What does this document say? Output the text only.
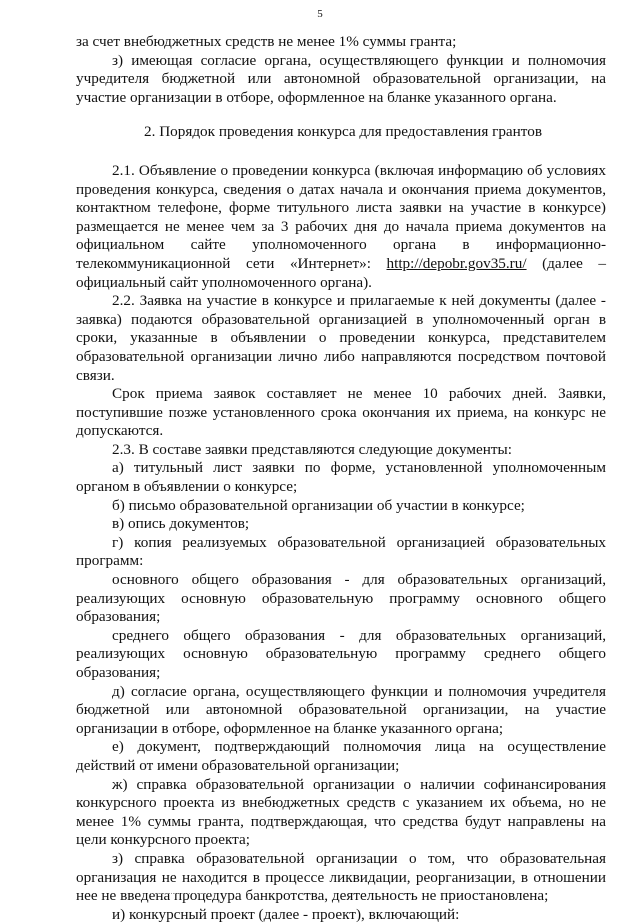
5

за счет внебюджетных средств не менее 1% суммы гранта;

з) имеющая согласие органа, осуществляющего функции и полномочия учредителя бюджетной или автономной образовательной организации, на участие организации в отборе, оформленное на бланке указанного органа.

2. Порядок проведения конкурса для предоставления грантов

2.1. Объявление о проведении конкурса (включая информацию об условиях проведения конкурса, сведения о датах начала и окончания приема документов, контактном телефоне, форме титульного листа заявки на участие в конкурсе) размещается не менее чем за 3 рабочих дня до начала приема документов на официальном сайте уполномоченного органа в информационно-телекоммуникационной сети «Интернет»: http://depobr.gov35.ru/ (далее – официальный сайт уполномоченного органа).

2.2. Заявка на участие в конкурсе и прилагаемые к ней документы (далее - заявка) подаются образовательной организацией в уполномоченный орган в сроки, указанные в объявлении о проведении конкурса, представителем образовательной организации лично либо направляются посредством почтовой связи.

Срок приема заявок составляет не менее 10 рабочих дней. Заявки, поступившие позже установленного срока окончания их приема, на конкурс не допускаются.

2.3. В составе заявки представляются следующие документы:

а) титульный лист заявки по форме, установленной уполномоченным органом в объявлении о конкурсе;

б) письмо образовательной организации об участии в конкурсе;

в) опись документов;

г) копия реализуемых образовательной организацией образовательных программ:

основного общего образования - для образовательных организаций, реализующих основную образовательную программу основного общего образования;

среднего общего образования - для образовательных организаций, реализующих основную образовательную программу среднего общего образования;

д) согласие органа, осуществляющего функции и полномочия учредителя бюджетной или автономной образовательной организации, на участие организации в отборе, оформленное на бланке указанного органа;

е) документ, подтверждающий полномочия лица на осуществление действий от имени образовательной организации;

ж) справка образовательной организации о наличии софинансирования конкурсного проекта из внебюджетных средств с указанием их объема, но не менее 1% суммы гранта, подтверждающая, что средства будут направлены на цели конкурсного проекта;

з) справка образовательной организации о том, что образовательная организация не находится в процессе ликвидации, реорганизации, в отношении нее не введена процедура банкротства, деятельность не приостановлена;

и) конкурсный проект (далее - проект), включающий:
